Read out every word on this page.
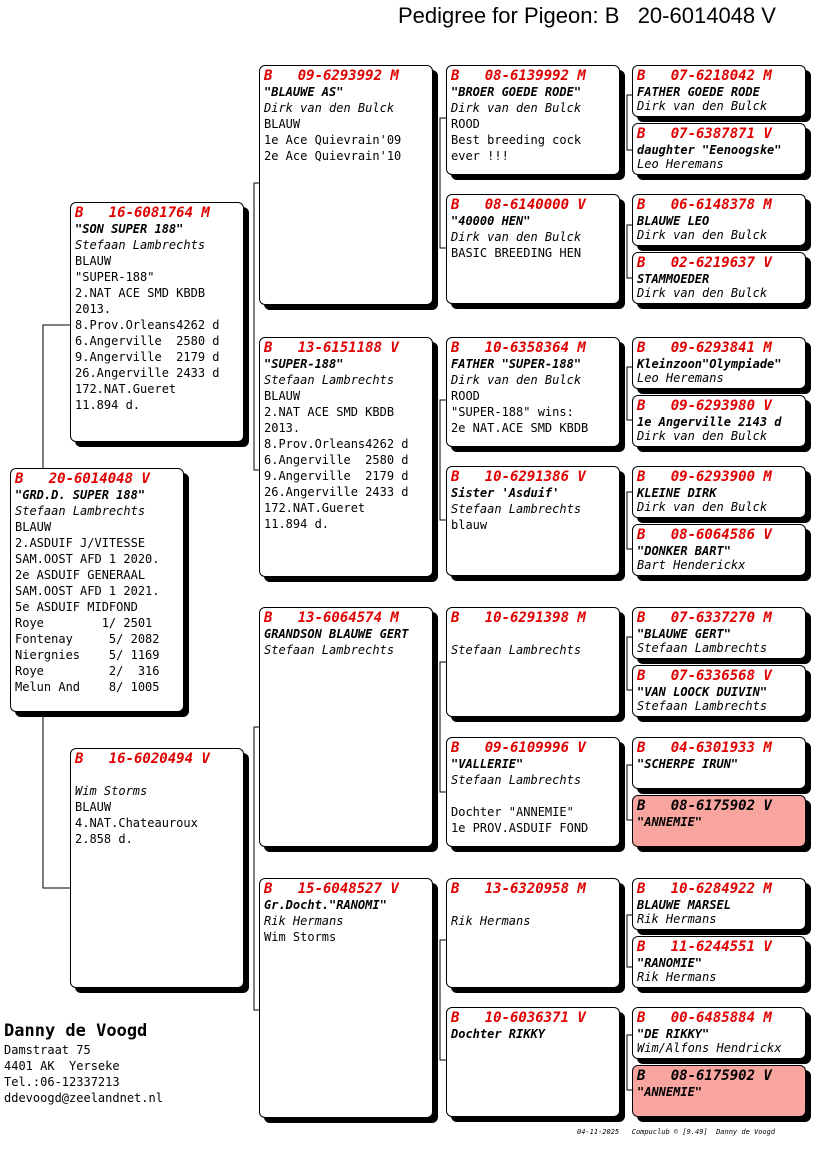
Pedigree for Pigeon: B   20-6014048 V
B   20-6014048 V
"GRD.D. SUPER 188"
Stefaan Lambrechts
BLAUW
2.ASDUIF J/VITESSE
SAM.OOST AFD 1 2020.
2e ASDUIF GENERAAL
SAM.OOST AFD 1 2021.
5e ASDUIF MIDFOND
Roye        1/ 2501
Fontenay     5/ 2082
Niergnies    5/ 1169
Roye         2/  316
Melun And    8/ 1005
B   16-6081764 M
"SON SUPER 188"
Stefaan Lambrechts
BLAUW
"SUPER-188"
2.NAT ACE SMD KBDB
2013.
8.Prov.Orleans4262 d
6.Angerville  2580 d
9.Angerville  2179 d
26.Angerville 2433 d
172.NAT.Gueret
11.894 d.
B   16-6020494 V
Wim Storms
BLAUW
4.NAT.Chateauroux
2.858 d.
B   09-6293992 M
"BLAUWE AS"
Dirk van den Bulck
BLAUW
1e Ace Quievrain'09
2e Ace Quievrain'10
B   13-6151188 V
"SUPER-188"
Stefaan Lambrechts
BLAUW
2.NAT ACE SMD KBDB
2013.
8.Prov.Orleans4262 d
6.Angerville  2580 d
9.Angerville  2179 d
26.Angerville 2433 d
172.NAT.Gueret
11.894 d.
B   13-6064574 M
GRANDSON BLAUWE GERT
Stefaan Lambrechts
B   15-6048527 V
Gr.Docht."RANOMI"
Rik Hermans
Wim Storms
B   08-6139992 M
"BROER GOEDE RODE"
Dirk van den Bulck
ROOD
Best breeding cock
ever !!!
B   08-6140000 V
"40000 HEN"
Dirk van den Bulck
BASIC BREEDING HEN
B   10-6358364 M
FATHER "SUPER-188"
Dirk van den Bulck
ROOD
"SUPER-188" wins:
2e NAT.ACE SMD KBDB
B   10-6291386 V
Sister 'Asduif'
Stefaan Lambrechts
blauw
B   10-6291398 M
Stefaan Lambrechts
B   09-6109996 V
"VALLERIE"
Stefaan Lambrechts
Dochter "ANNEMIE"
1e PROV.ASDUIF FOND
B   13-6320958 M
Rik Hermans
B   10-6036371 V
Dochter RIKKY
B   07-6218042 M
FATHER GOEDE RODE
Dirk van den Bulck
B   07-6387871 V
daughter "Eenoogske"
Leo Heremans
B   06-6148378 M
BLAUWE LEO
Dirk van den Bulck
B   02-6219637 V
STAMMOEDER
Dirk van den Bulck
B   09-6293841 M
Kleinzoon"Olympiade"
Leo Heremans
B   09-6293980 V
1e Angerville 2143 d
Dirk van den Bulck
B   09-6293900 M
KLEINE DIRK
Dirk van den Bulck
B   08-6064586 V
"DONKER BART"
Bart Henderickx
B   07-6337270 M
"BLAUWE GERT"
Stefaan Lambrechts
B   07-6336568 V
"VAN LOOCK DUIVIN"
Stefaan Lambrechts
B   04-6301933 M
"SCHERPE IRUN"
B   08-6175902 V
"ANNEMIE"
B   10-6284922 M
BLAUWE MARSEL
Rik Hermans
B   11-6244551 V
"RANOMIE"
Rik Hermans
B   00-6485884 M
"DE RIKKY"
Wim/Alfons Hendrickx
B   08-6175902 V
"ANNEMIE"
Danny de Voogd
Damstraat 75
4401 AK  Yerseke
Tel.:06-12337213
ddevoogd@zeelandnet.nl
04-11-2025   Compuclub © [9.49]  Danny de Voogd
